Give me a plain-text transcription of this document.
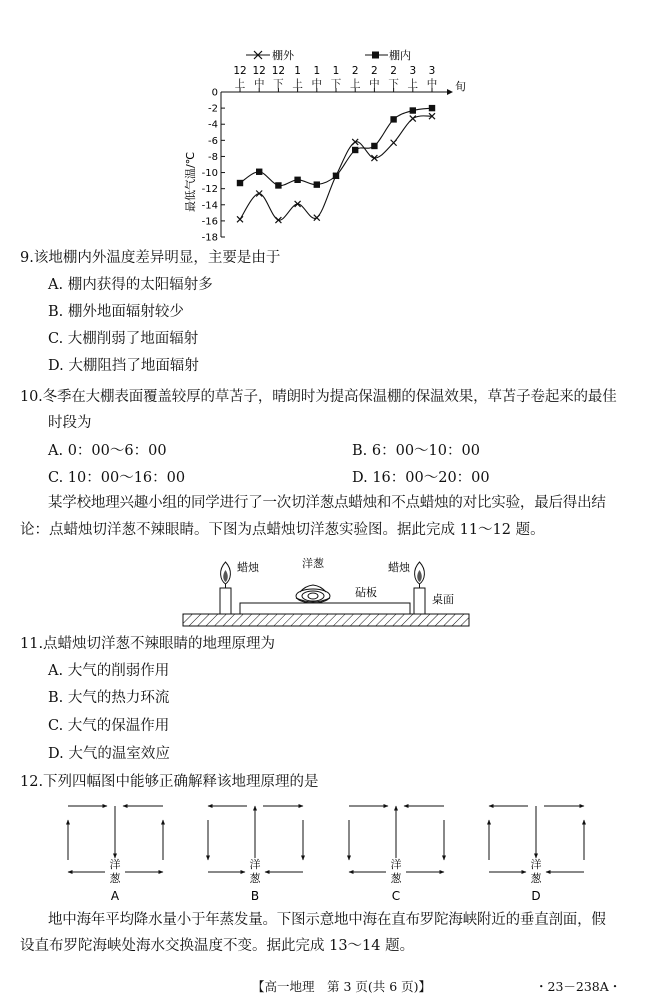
棚外	棚内
旬
最低气温/℃
0
-2
-4
-6
-8
-10
-12
-14
-16
-18
12
上
12
中
12
下
1
上
1
中
1
下
2
上
2
中
2
下
3
上
3
中
9.该地棚内外温度差异明显，主要是由于
A. 棚内获得的太阳辐射多
B. 棚外地面辐射较少
C. 大棚削弱了地面辐射
D. 大棚阻挡了地面辐射
10.冬季在大棚表面覆盖较厚的草苫子，晴朗时为提高保温棚的保温效果，草苫子卷起来的最佳
时段为
A. 0：00～6：00	B. 6：00～10：00
C. 10：00～16：00	D. 16：00～20：00
某学校地理兴趣小组的同学进行了一次切洋葱点蜡烛和不点蜡烛的对比实验，最后得出结
论：点蜡烛切洋葱不辣眼睛。下图为点蜡烛切洋葱实验图。据此完成 11～12 题。
蜡烛	洋葱
砧板
蜡烛
桌面
11.点蜡烛切洋葱不辣眼睛的地理原理为
A. 大气的削弱作用
B. 大气的热力环流
C. 大气的保温作用
D. 大气的温室效应
12.下列四幅图中能够正确解释该地理原理的是
洋
葱
A
洋
葱
B
洋
葱
C
洋
葱
D
地中海年平均降水量小于年蒸发量。下图示意地中海在直布罗陀海峡附近的垂直剖面，假
设直布罗陀海峡处海水交换温度不变。据此完成 13～14 题。
【高一地理　第 3 页(共 6 页)】	・23－238A・
